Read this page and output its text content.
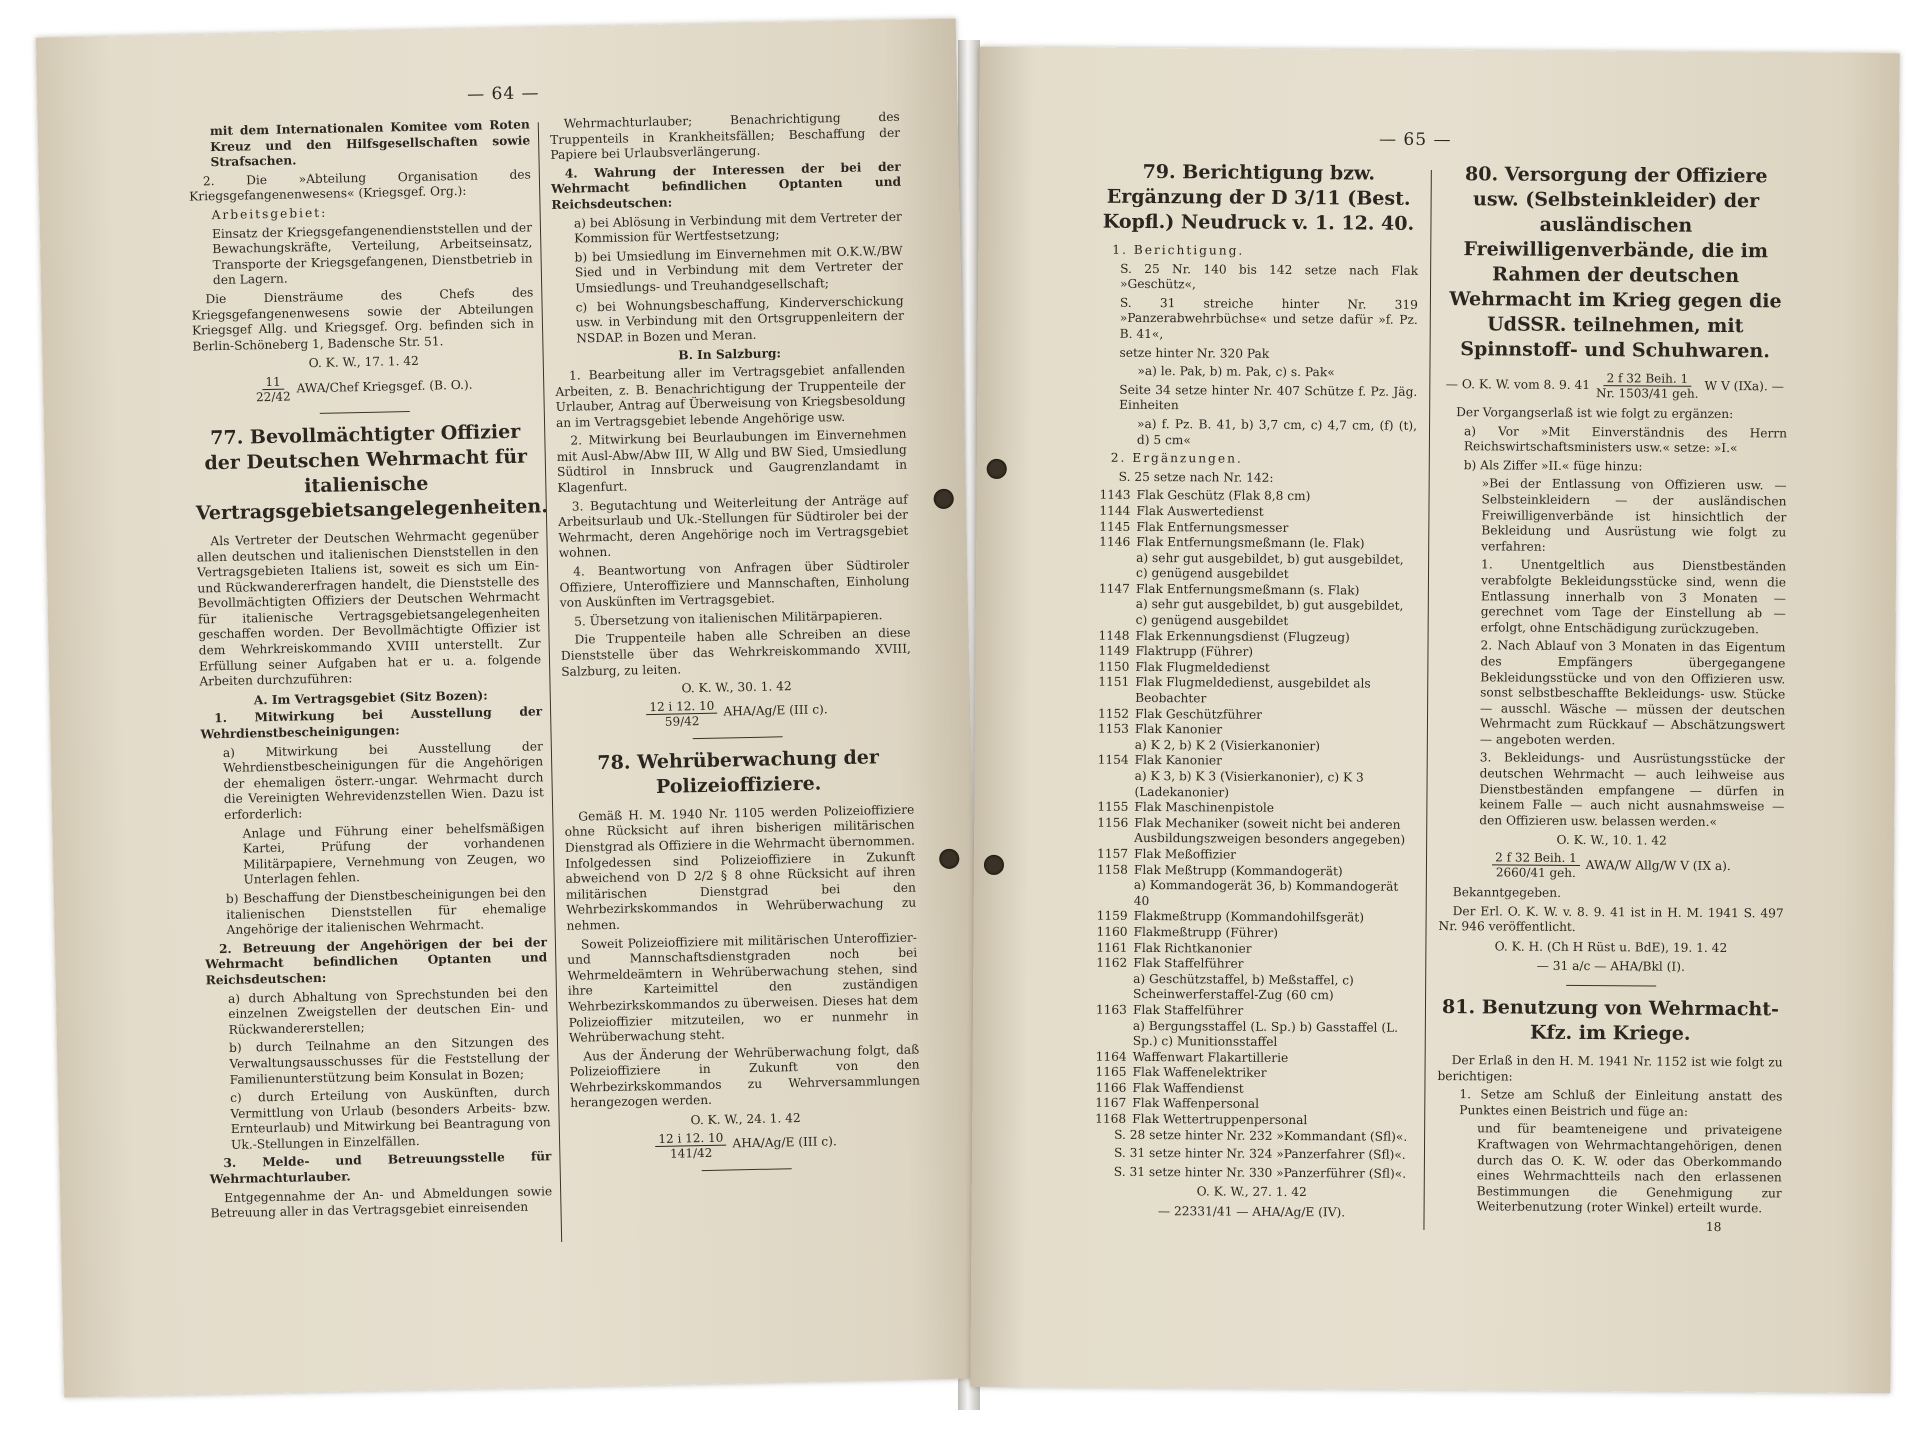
— 64 —

mit dem Internationalen Komitee vom Roten Kreuz und den Hilfsgesellschaften sowie Strafsachen.

2. Die »Abteilung Organisation des Kriegsgefangenenwesens« (Kriegsgef. Org.):

Arbeitsgebiet:

Einsatz der Kriegsgefangenendienststellen und der Bewachungskräfte, Verteilung, Arbeitseinsatz, Transporte der Kriegsgefangenen, Dienstbetrieb in den Lagern.

Die Diensträume des Chefs des Kriegsgefangenenwesens sowie der Abteilungen Kriegsgef Allg. und Kriegsgef. Org. befinden sich in Berlin-Schöneberg 1, Badensche Str. 51.

O. K. W., 17. 1. 42
$\frac{11}{22/42}$ AWA/Chef Kriegsgef. (B. O.).
77. Bevollmächtigter Offizier der Deutschen Wehrmacht für italienische Vertragsgebietsangelegenheiten.

Als Vertreter der Deutschen Wehrmacht gegenüber allen deutschen und italienischen Dienststellen in den Vertragsgebieten Italiens ist, soweit es sich um Ein- und Rückwandererfragen handelt, die Dienststelle des Bevollmächtigten Offiziers der Deutschen Wehrmacht für italienische Vertragsgebietsangelegenheiten geschaffen worden. Der Bevollmächtigte Offizier ist dem Wehrkreiskommando XVIII unterstellt. Zur Erfüllung seiner Aufgaben hat er u. a. folgende Arbeiten durchzuführen:

A. Im Vertragsgebiet (Sitz Bozen):

1. Mitwirkung bei Ausstellung der Wehrdienstbescheinigungen:

a) Mitwirkung bei Ausstellung der Wehrdienstbescheinigungen für die Angehörigen der ehemaligen österr.-ungar. Wehrmacht durch die Vereinigten Wehrevidenzstellen Wien. Dazu ist erforderlich:

Anlage und Führung einer behelfsmäßigen Kartei, Prüfung der vorhandenen Militärpapiere, Vernehmung von Zeugen, wo Unterlagen fehlen.

b) Beschaffung der Dienstbescheinigungen bei den italienischen Dienststellen für ehemalige Angehörige der italienischen Wehrmacht.

2. Betreuung der Angehörigen der bei der Wehrmacht befindlichen Optanten und Reichsdeutschen:

a) durch Abhaltung von Sprechstunden bei den einzelnen Zweigstellen der deutschen Ein- und Rückwandererstellen;

b) durch Teilnahme an den Sitzungen des Verwaltungsausschusses für die Feststellung der Familienunterstützung beim Konsulat in Bozen;

c) durch Erteilung von Auskünften, durch Vermittlung von Urlaub (besonders Arbeits- bzw. Ernteurlaub) und Mitwirkung bei Beantragung von Uk.-Stellungen in Einzelfällen.

3. Melde- und Betreuungsstelle für Wehrmachturlauber.

Entgegennahme der An- und Abmeldungen sowie Betreuung aller in das Vertragsgebiet einreisenden

Wehrmachturlauber; Benachrichtigung des Truppenteils in Krankheitsfällen; Beschaffung der Papiere bei Urlaubsverlängerung.

4. Wahrung der Interessen der bei der Wehrmacht befindlichen Optanten und Reichsdeutschen:

a) bei Ablösung in Verbindung mit dem Vertreter der Kommission für Wertfestsetzung;

b) bei Umsiedlung im Einvernehmen mit O.K.W./BW Sied und in Verbindung mit dem Vertreter der Umsiedlungs- und Treuhandgesellschaft;

c) bei Wohnungsbeschaffung, Kinderverschickung usw. in Verbindung mit den Ortsgruppenleitern der NSDAP. in Bozen und Meran.

B. In Salzburg:

1. Bearbeitung aller im Vertragsgebiet anfallenden Arbeiten, z. B. Benachrichtigung der Truppenteile der Urlauber, Antrag auf Überweisung von Kriegsbesoldung an im Vertragsgebiet lebende Angehörige usw.

2. Mitwirkung bei Beurlaubungen im Einvernehmen mit Ausl-Abw/Abw III, W Allg und BW Sied, Umsiedlung Südtirol in Innsbruck und Gaugrenzlandamt in Klagenfurt.

3. Begutachtung und Weiterleitung der Anträge auf Arbeitsurlaub und Uk.-Stellungen für Südtiroler bei der Wehrmacht, deren Angehörige noch im Vertragsgebiet wohnen.

4. Beantwortung von Anfragen über Südtiroler Offiziere, Unteroffiziere und Mannschaften, Einholung von Auskünften im Vertragsgebiet.

5. Übersetzung von italienischen Militärpapieren.

Die Truppenteile haben alle Schreiben an diese Dienststelle über das Wehrkreiskommando XVIII, Salzburg, zu leiten.

O. K. W., 30. 1. 42
$\frac{12 i 12. 10}{59/42} AHA/Ag/E$ (III c).
78. Wehrüberwachung der Polizeioffiziere.

Gemäß H. M. 1940 Nr. 1105 werden Polizeioffiziere ohne Rücksicht auf ihren bisherigen militärischen Dienstgrad als Offiziere in die Wehrmacht übernommen. Infolgedessen sind Polizeioffiziere in Zukunft abweichend von D 2/2 § 8 ohne Rücksicht auf ihren militärischen Dienstgrad bei den Wehrbezirkskommandos in Wehrüberwachung zu nehmen.

Soweit Polizeioffiziere mit militärischen Unteroffizier- und Mannschaftsdienstgraden noch bei Wehrmeldeämtern in Wehrüberwachung stehen, sind ihre Karteimittel den zuständigen Wehrbezirkskommandos zu überweisen. Dieses hat dem Polizeioffizier mitzuteilen, wo er nunmehr in Wehrüberwachung steht.

Aus der Änderung der Wehrüberwachung folgt, daß Polizeioffiziere in Zukunft von den Wehrbezirkskommandos zu Wehrversammlungen herangezogen werden.

O. K. W., 24. 1. 42
$\frac{12 i 12. 10}{141/42} AHA/Ag/E$ (III c).
— 65 —
79. Berichtigung bzw. Ergänzung der D 3/11 (Best. Kopfl.) Neudruck v. 1. 12. 40.

1. Berichtigung.

S. 25 Nr. 140 bis 142 setze nach Flak »Geschütz«,

S. 31 streiche hinter Nr. 319 »Panzerabwehrbüchse« und setze dafür »f. Pz. B. 41«,

setze hinter Nr. 320 Pak

»a) le. Pak, b) m. Pak, c) s. Pak«

Seite 34 setze hinter Nr. 407 Schütze f. Pz. Jäg. Einheiten

»a) f. Pz. B. 41, b) 3,7 cm, c) 4,7 cm, (f) (t), d) 5 cm«

2. Ergänzungen.

S. 25 setze nach Nr. 142:

1143 Flak Geschütz (Flak 8,8 cm)
1144 Flak Auswertedienst
1145 Flak Entfernungsmesser
1146 Flak Entfernungsmeßmann (le. Flak)
a) sehr gut ausgebildet, b) gut ausgebildet, c) genügend ausgebildet
1147 Flak Entfernungsmeßmann (s. Flak)
a) sehr gut ausgebildet, b) gut ausgebildet, c) genügend ausgebildet
1148 Flak Erkennungsdienst (Flugzeug)
1149 Flaktrupp (Führer)
1150 Flak Flugmeldedienst
1151 Flak Flugmeldedienst, ausgebildet als Beobachter
1152 Flak Geschützführer
1153 Flak Kanonier
a) K 2, b) K 2 (Visierkanonier)
1154 Flak Kanonier
a) K 3, b) K 3 (Visierkanonier), c) K 3 (Ladekanonier)
1155 Flak Maschinenpistole
1156 Flak Mechaniker (soweit nicht bei anderen Ausbildungszweigen besonders angegeben)
1157 Flak Meßoffizier
1158 Flak Meßtrupp (Kommandogerät)
a) Kommandogerät 36, b) Kommandogerät 40
1159 Flakmeßtrupp (Kommandohilfsgerät)
1160 Flakmeßtrupp (Führer)
1161 Flak Richtkanonier
1162 Flak Staffelführer
a) Geschützstaffel, b) Meßstaffel, c) Scheinwerferstaffel-Zug (60 cm)
1163 Flak Staffelführer
a) Bergungsstaffel (L. Sp.) b) Gasstaffel (L. Sp.) c) Munitionsstaffel
1164 Waffenwart Flakartillerie
1165 Flak Waffenelektriker
1166 Flak Waffendienst
1167 Flak Waffenpersonal
1168 Flak Wettertruppenpersonal

S. 28 setze hinter Nr. 232 »Kommandant (Sfl)«.

S. 31 setze hinter Nr. 324 »Panzerfahrer (Sfl)«.

S. 31 setze hinter Nr. 330 »Panzerführer (Sfl)«.

O. K. W., 27. 1. 42
— 22331/41 — AHA/Ag/E (IV).
80. Versorgung der Offiziere usw. (Selbsteinkleider) der ausländischen Freiwilligenverbände, die im Rahmen der deutschen Wehrmacht im Krieg gegen die UdSSR. teilnehmen, mit Spinnstoff- und Schuhwaren.
— O. K. W. vom 8. 9. $41 \frac{\text{2 f 32 Beih. 1}}{\text{Nr. 1503/41 geh.}}$ W V (IXa). —

Der Vorgangserlaß ist wie folgt zu ergänzen:

a) Vor »Mit Einverständnis des Herrn Reichswirtschaftsministers usw.« setze: »I.«

b) Als Ziffer »II.« füge hinzu:

»Bei der Entlassung von Offizieren usw. — Selbsteinkleidern — der ausländischen Freiwilligenverbände ist hinsichtlich der Bekleidung und Ausrüstung wie folgt zu verfahren:

1. Unentgeltlich aus Dienstbeständen verabfolgte Bekleidungsstücke sind, wenn die Entlassung innerhalb von 3 Monaten — gerechnet vom Tage der Einstellung ab — erfolgt, ohne Entschädigung zurückzugeben.

2. Nach Ablauf von 3 Monaten in das Eigentum des Empfängers übergegangene Bekleidungsstücke und von den Offizieren usw. sonst selbstbeschaffte Bekleidungs- usw. Stücke — ausschl. Wäsche — müssen der deutschen Wehrmacht zum Rückkauf — Abschätzungswert — angeboten werden.

3. Bekleidungs- und Ausrüstungsstücke der deutschen Wehrmacht — auch leihweise aus Dienstbeständen empfangene — dürfen in keinem Falle — auch nicht ausnahmsweise — den Offizieren usw. belassen werden.«

O. K. W., 10. 1. 42
$\frac{\text{2 f 32 Beih. 1}}{\text{2660/41 geh.}} AWA/W$ Allg/W V (IX a).

Bekanntgegeben.

Der Erl. O. K. W. v. 8. 9. 41 ist in H. M. 1941 S. 497 Nr. 946 veröffentlicht.

O. K. H. (Ch H Rüst u. BdE), 19. 1. 42
— 31 a/c — AHA/Bkl (I).
81. Benutzung von Wehrmacht-Kfz. im Kriege.

Der Erlaß in den H. M. 1941 Nr. 1152 ist wie folgt zu berichtigen:

1. Setze am Schluß der Einleitung anstatt des Punktes einen Beistrich und füge an:

und für beamteneigene und privateigene Kraftwagen von Wehrmachtangehörigen, denen durch das O. K. W. oder das Oberkommando eines Wehrmachtteils nach den erlassenen Bestimmungen die Genehmigung zur Weiterbenutzung (roter Winkel) erteilt wurde.

18
